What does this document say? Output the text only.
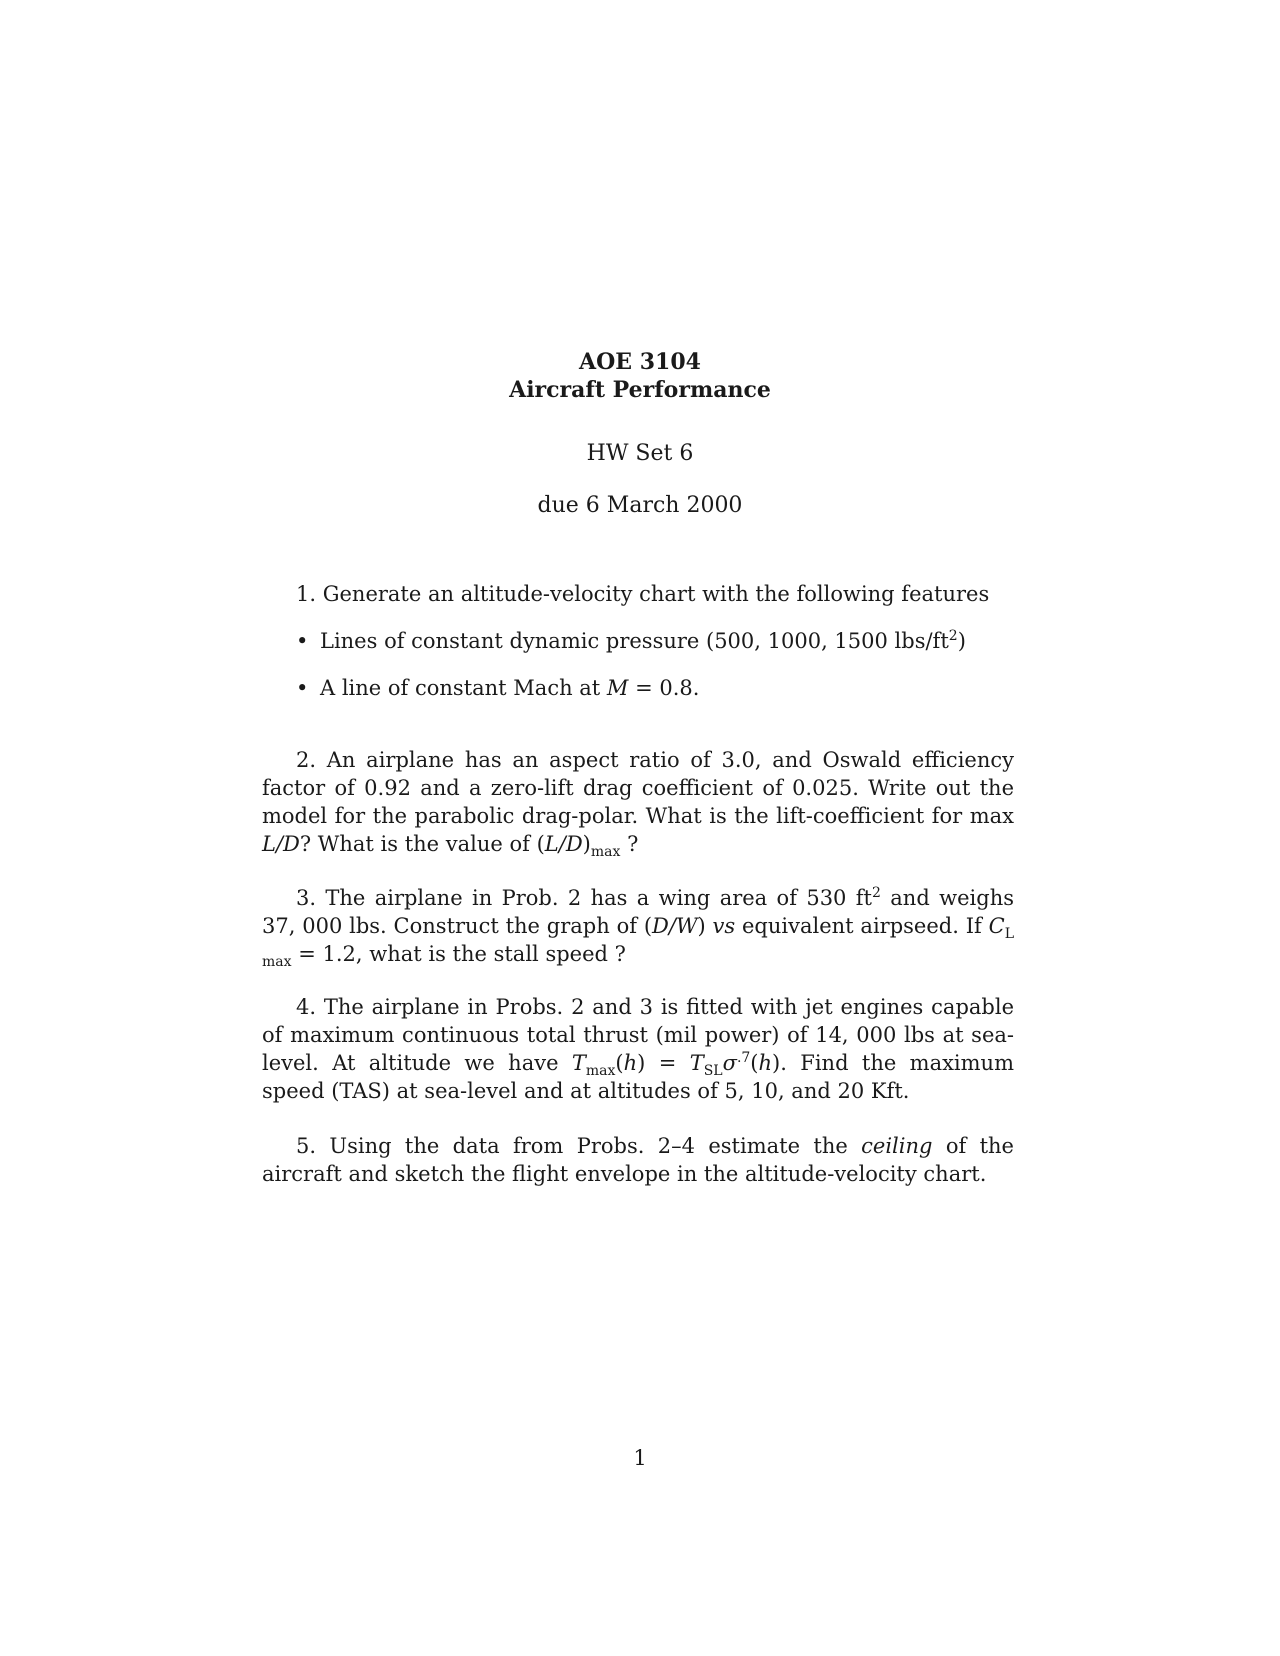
AOE 3104
Aircraft Performance
HW Set 6
due 6 March 2000
1. Generate an altitude-velocity chart with the following features
• Lines of constant dynamic pressure (500, 1000, 1500 lbs/$ft^2$)
• A line of constant Mach at M = 0.8.
2. An airplane has an aspect ratio of 3.0, and Oswald efficiency factor of 0.92 and a zero-lift drag coefficient of 0.025. Write out the model for the parabolic drag-polar. What is the lift-coefficient for max L/D? What is the value of $(L/D)_{max}$ ?
3. The airplane in Prob. 2 has a wing area of 530 $ft^2$ and weighs 37, 000 lbs. Construct the graph of (D/W) vs equivalent airpseed. If $C_{L max} = 1.2$, what is the stall speed ?
4. The airplane in Probs. 2 and 3 is fitted with jet engines capable of maximum continuous total thrust (mil power) of 14, 000 lbs at sea-level. At altitude we have $T_{max}(h) = T_{SL}\sigma^{.7}(h)$. Find the maximum speed (TAS) at sea-level and at altitudes of 5, 10, and 20 Kft.
5. Using the data from Probs. 2–4 estimate the ceiling of the aircraft and sketch the flight envelope in the altitude-velocity chart.
1
